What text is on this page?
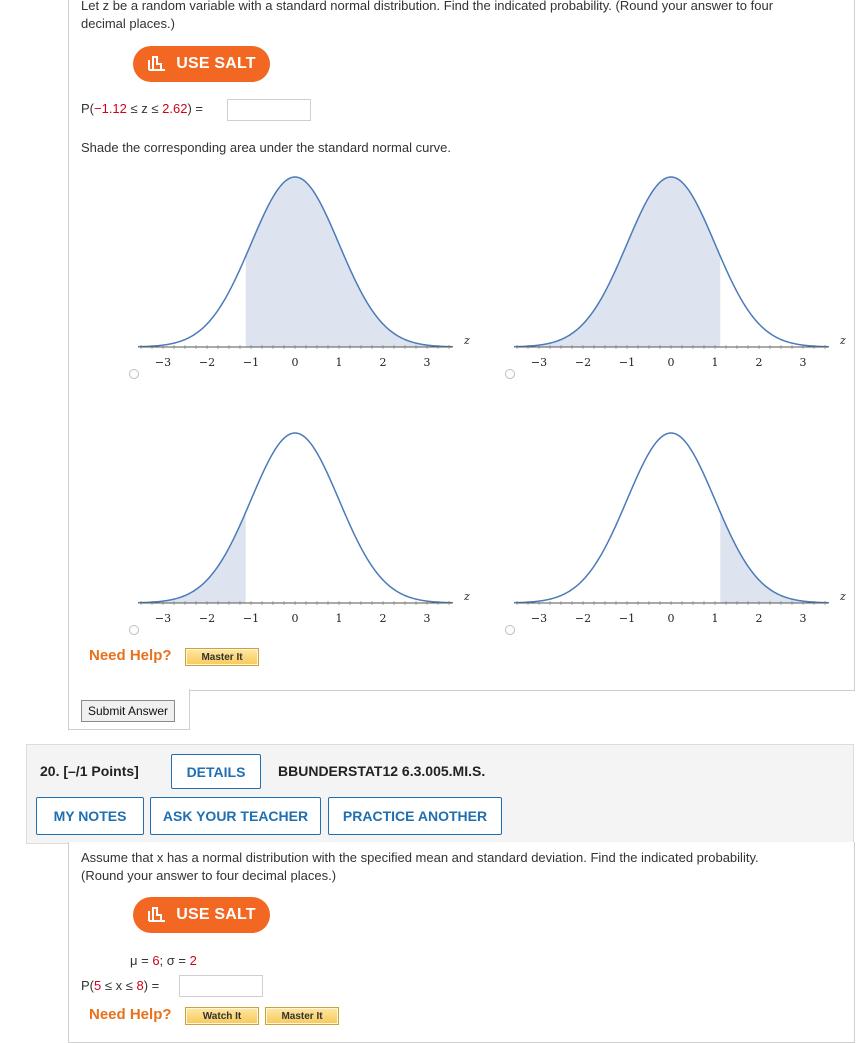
Let z be a random variable with a standard normal distribution. Find the indicated probability. (Round your answer to four
decimal places.)
USE SALT
P(−1.12 ≤ z ≤ 2.62) =
Shade the corresponding area under the standard normal curve.
−3	−2	−1	0	1	2	3
z
−3	−2	−1	0	1	2	3
z
−3	−2	−1	0	1	2	3
z
−3	−2	−1	0	1	2	3
z
Need Help?	Master It
Submit Answer
20. [–/1 Points]	DETAILS	BBUNDERSTAT12 6.3.005.MI.S.
MY NOTES	ASK YOUR TEACHER	PRACTICE ANOTHER
Assume that x has a normal distribution with the specified mean and standard deviation. Find the indicated probability.
(Round your answer to four decimal places.)
USE SALT
μ = 6; σ = 2
P(5 ≤ x ≤ 8) =
Need Help?	Watch It	Master It
